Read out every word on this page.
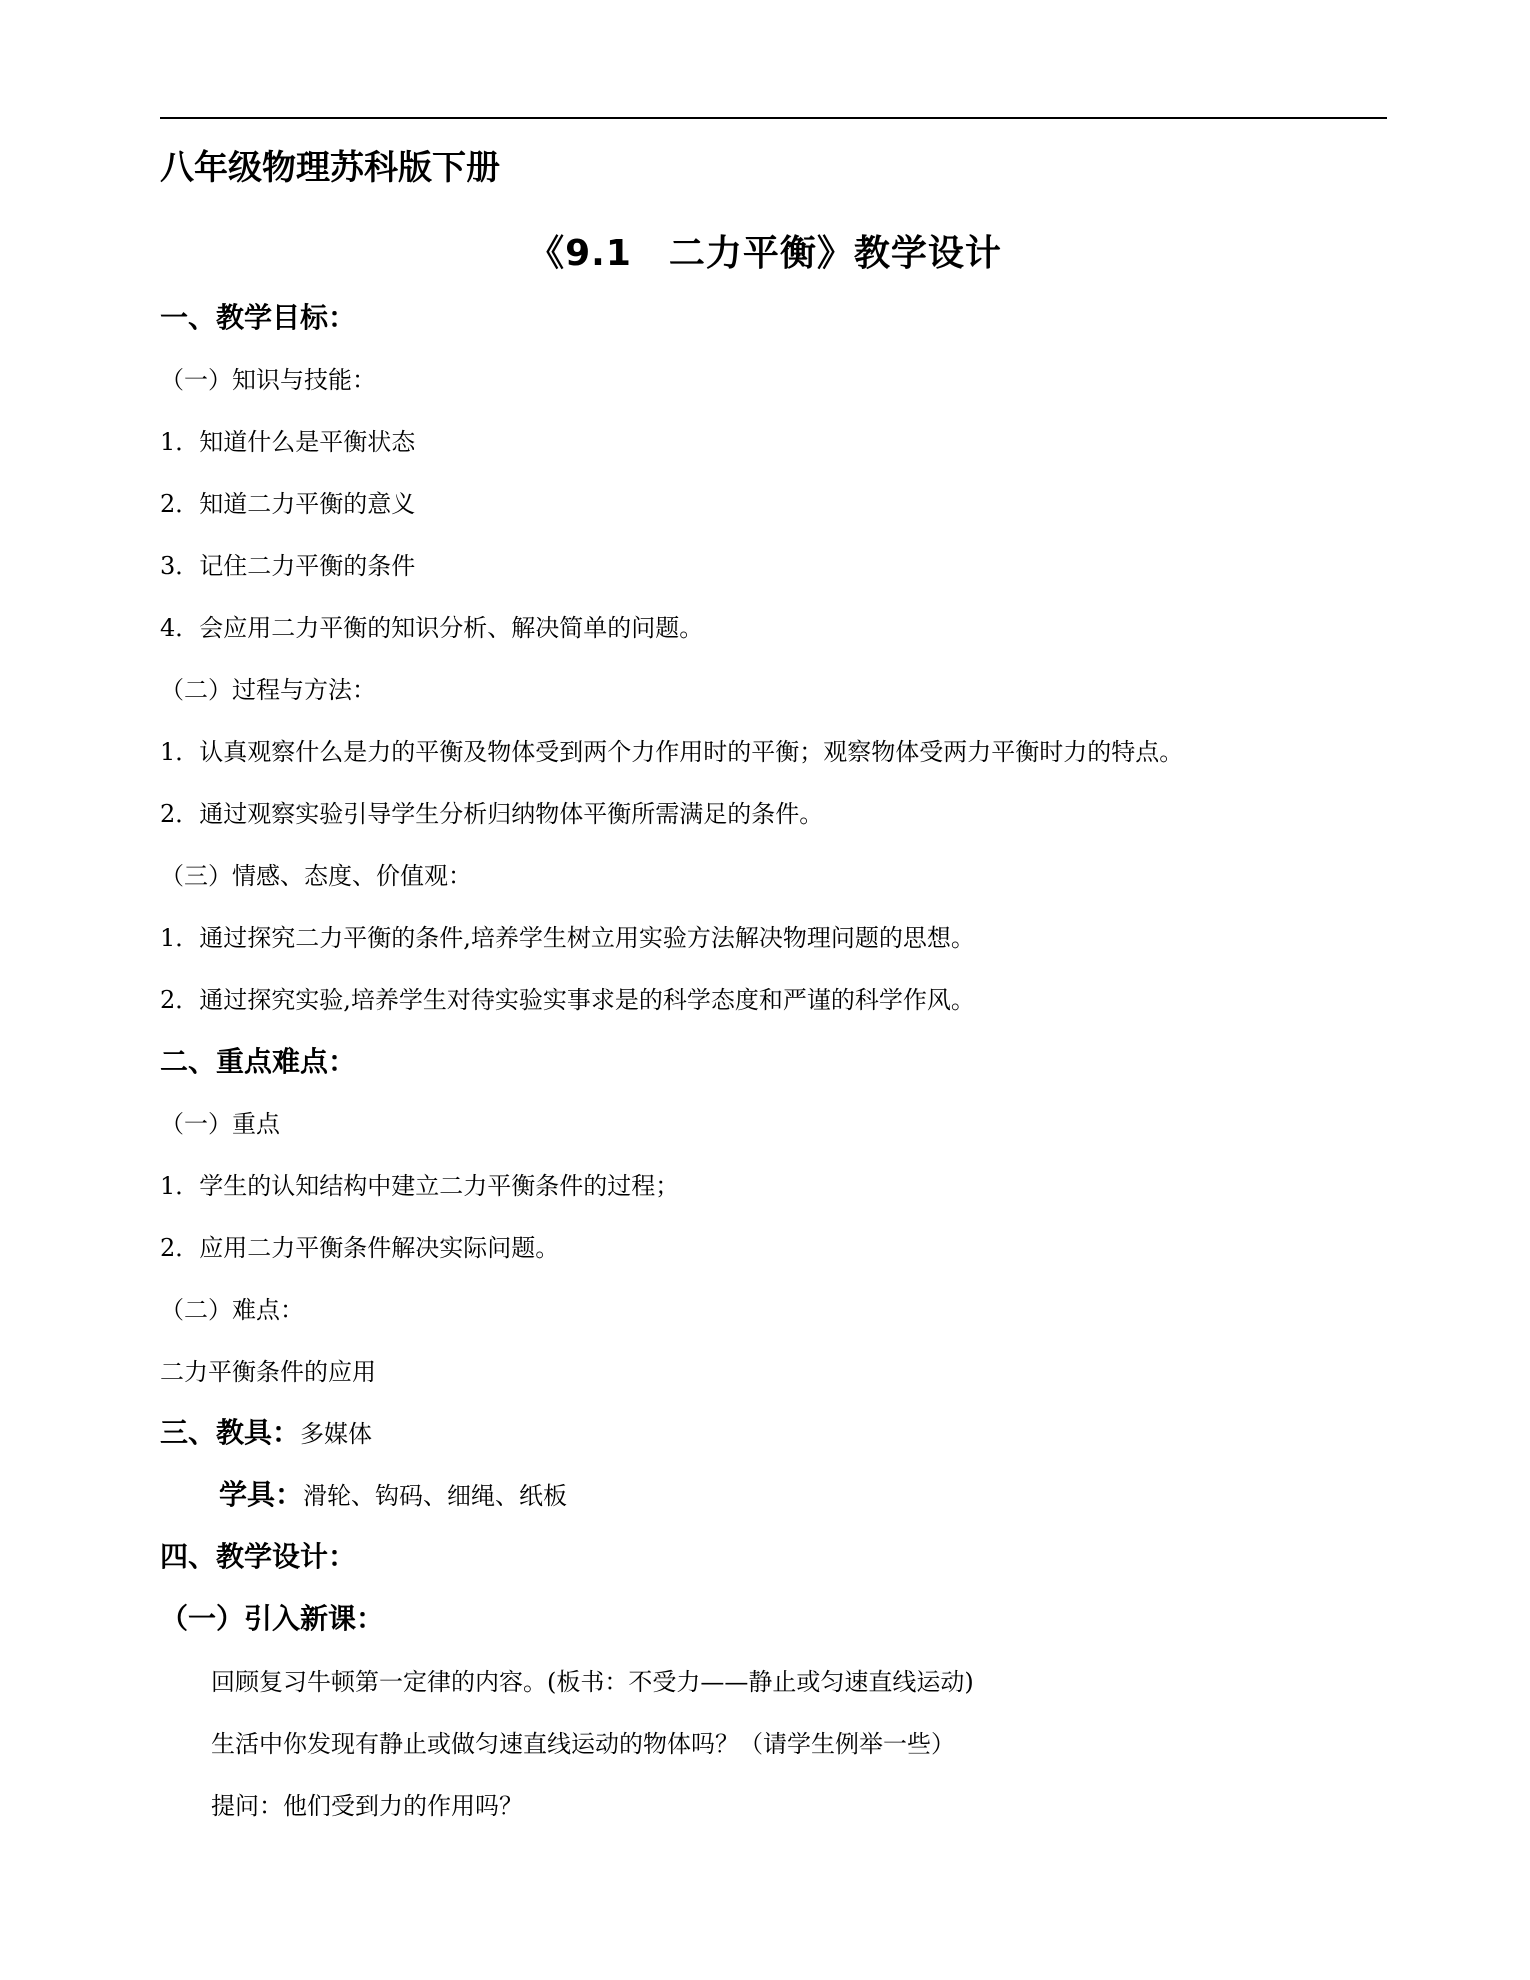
八年级物理苏科版下册
《9.1　二力平衡》教学设计
一、教学目标：
（一）知识与技能：
1．知道什么是平衡状态
2．知道二力平衡的意义
3．记住二力平衡的条件
4．会应用二力平衡的知识分析、解决简单的问题。
（二）过程与方法：
1．认真观察什么是力的平衡及物体受到两个力作用时的平衡；观察物体受两力平衡时力的特点。
2．通过观察实验引导学生分析归纳物体平衡所需满足的条件。
（三）情感、态度、价值观：
1．通过探究二力平衡的条件,培养学生树立用实验方法解决物理问题的思想。
2．通过探究实验,培养学生对待实验实事求是的科学态度和严谨的科学作风。
二、重点难点：
（一）重点
1．学生的认知结构中建立二力平衡条件的过程；
2．应用二力平衡条件解决实际问题。
（二）难点：
二力平衡条件的应用
三、教具：多媒体
学具：滑轮、钩码、细绳、纸板
四、教学设计：
（一）引入新课：
回顾复习牛顿第一定律的内容。(板书：不受力——静止或匀速直线运动)
生活中你发现有静止或做匀速直线运动的物体吗？（请学生例举一些）
提问：他们受到力的作用吗？
